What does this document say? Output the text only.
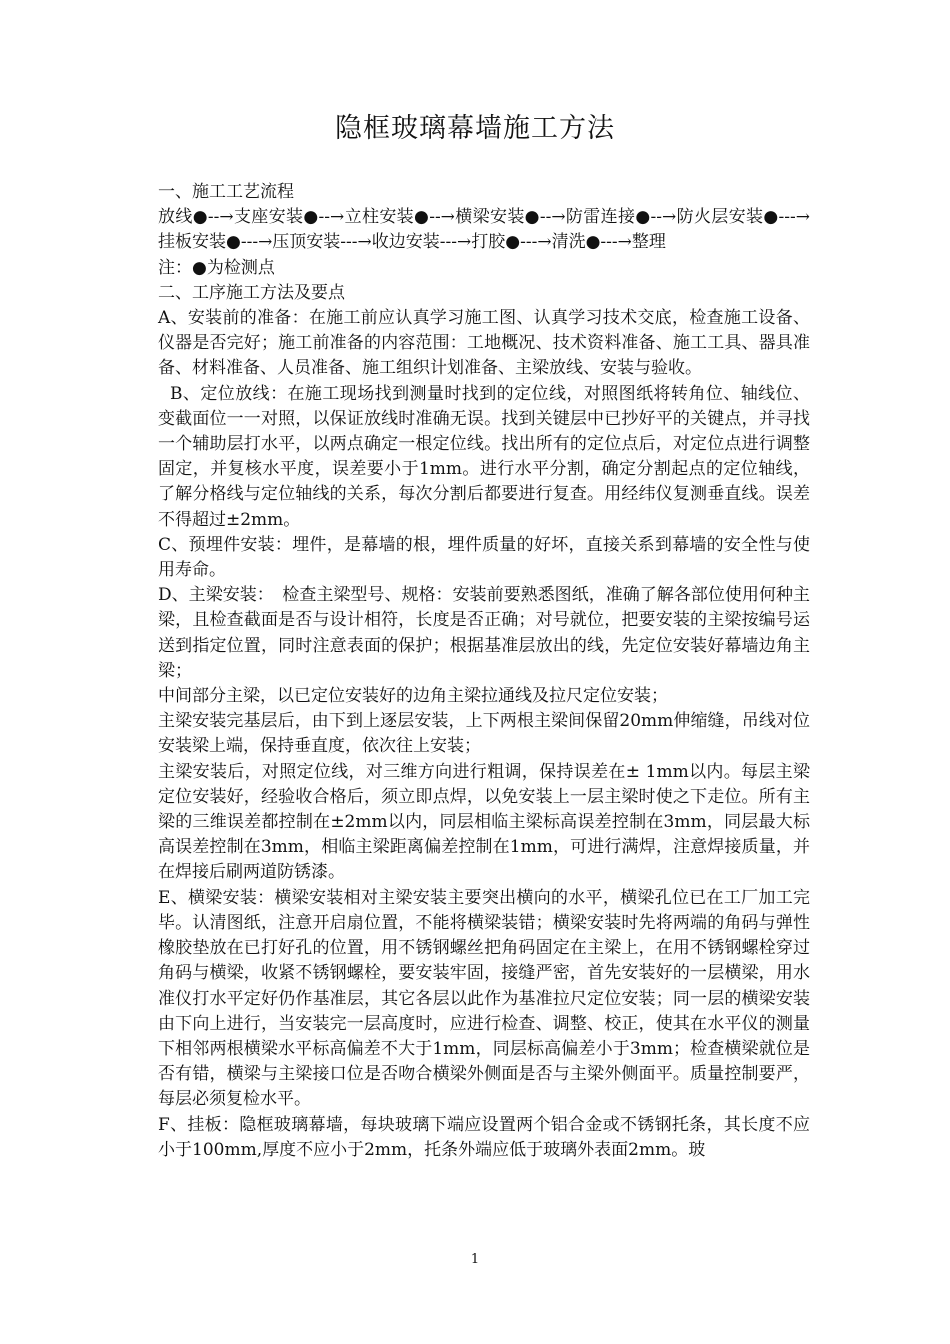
隐框玻璃幕墙施工方法

一、施工工艺流程

放线●--→支座安装●--→立柱安装●--→横梁安装●--→防雷连接●--→防火层安装●---→挂板安装●---→压顶安装---→收边安装---→打胶●---→清洗●---→整理

注：●为检测点

二、工序施工方法及要点

A、安装前的准备：在施工前应认真学习施工图、认真学习技术交底，检查施工设备、仪器是否完好；施工前准备的内容范围：工地概况、技术资料准备、施工工具、器具准备、材料准备、人员准备、施工组织计划准备、主梁放线、安装与验收。

B、定位放线：在施工现场找到测量时找到的定位线，对照图纸将转角位、轴线位、变截面位一一对照，以保证放线时准确无误。找到关键层中已抄好平的关键点，并寻找一个辅助层打水平，以两点确定一根定位线。找出所有的定位点后，对定位点进行调整固定，并复核水平度，误差要小于1mm。进行水平分割，确定分割起点的定位轴线，了解分格线与定位轴线的关系，每次分割后都要进行复查。用经纬仪复测垂直线。误差不得超过±2mm。

C、预埋件安装：埋件，是幕墙的根，埋件质量的好坏，直接关系到幕墙的安全性与使用寿命。

D、主梁安装：　检查主梁型号、规格：安装前要熟悉图纸，准确了解各部位使用何种主梁，且检查截面是否与设计相符，长度是否正确；对号就位，把要安装的主梁按编号运送到指定位置，同时注意表面的保护；根据基准层放出的线，先定位安装好幕墙边角主梁；

中间部分主梁，以已定位安装好的边角主梁拉通线及拉尺定位安装；

主梁安装完基层后，由下到上逐层安装，上下两根主梁间保留20mm伸缩缝，吊线对位安装梁上端，保持垂直度，依次往上安装；

主梁安装后，对照定位线，对三维方向进行粗调，保持误差在± 1mm以内。每层主梁定位安装好，经验收合格后，须立即点焊，以免安装上一层主梁时使之下走位。所有主梁的三维误差都控制在±2mm以内，同层相临主梁标高误差控制在3mm，同层最大标高误差控制在3mm，相临主梁距离偏差控制在1mm，可进行满焊，注意焊接质量，并在焊接后刷两道防锈漆。

E、横梁安装：横梁安装相对主梁安装主要突出横向的水平，横梁孔位已在工厂加工完毕。认清图纸，注意开启扇位置，不能将横梁装错；横梁安装时先将两端的角码与弹性橡胶垫放在已打好孔的位置，用不锈钢螺丝把角码固定在主梁上，在用不锈钢螺栓穿过角码与横梁，收紧不锈钢螺栓，要安装牢固，接缝严密，首先安装好的一层横梁，用水准仪打水平定好仍作基准层，其它各层以此作为基准拉尺定位安装；同一层的横梁安装由下向上进行，当安装完一层高度时，应进行检查、调整、校正，使其在水平仪的测量下相邻两根横梁水平标高偏差不大于1mm，同层标高偏差小于3mm；检查横梁就位是否有错，横梁与主梁接口位是否吻合横梁外侧面是否与主梁外侧面平。质量控制要严，每层必须复检水平。

F、挂板：隐框玻璃幕墙，每块玻璃下端应设置两个铝合金或不锈钢托条，其长度不应小于100mm,厚度不应小于2mm，托条外端应低于玻璃外表面2mm。玻

1
